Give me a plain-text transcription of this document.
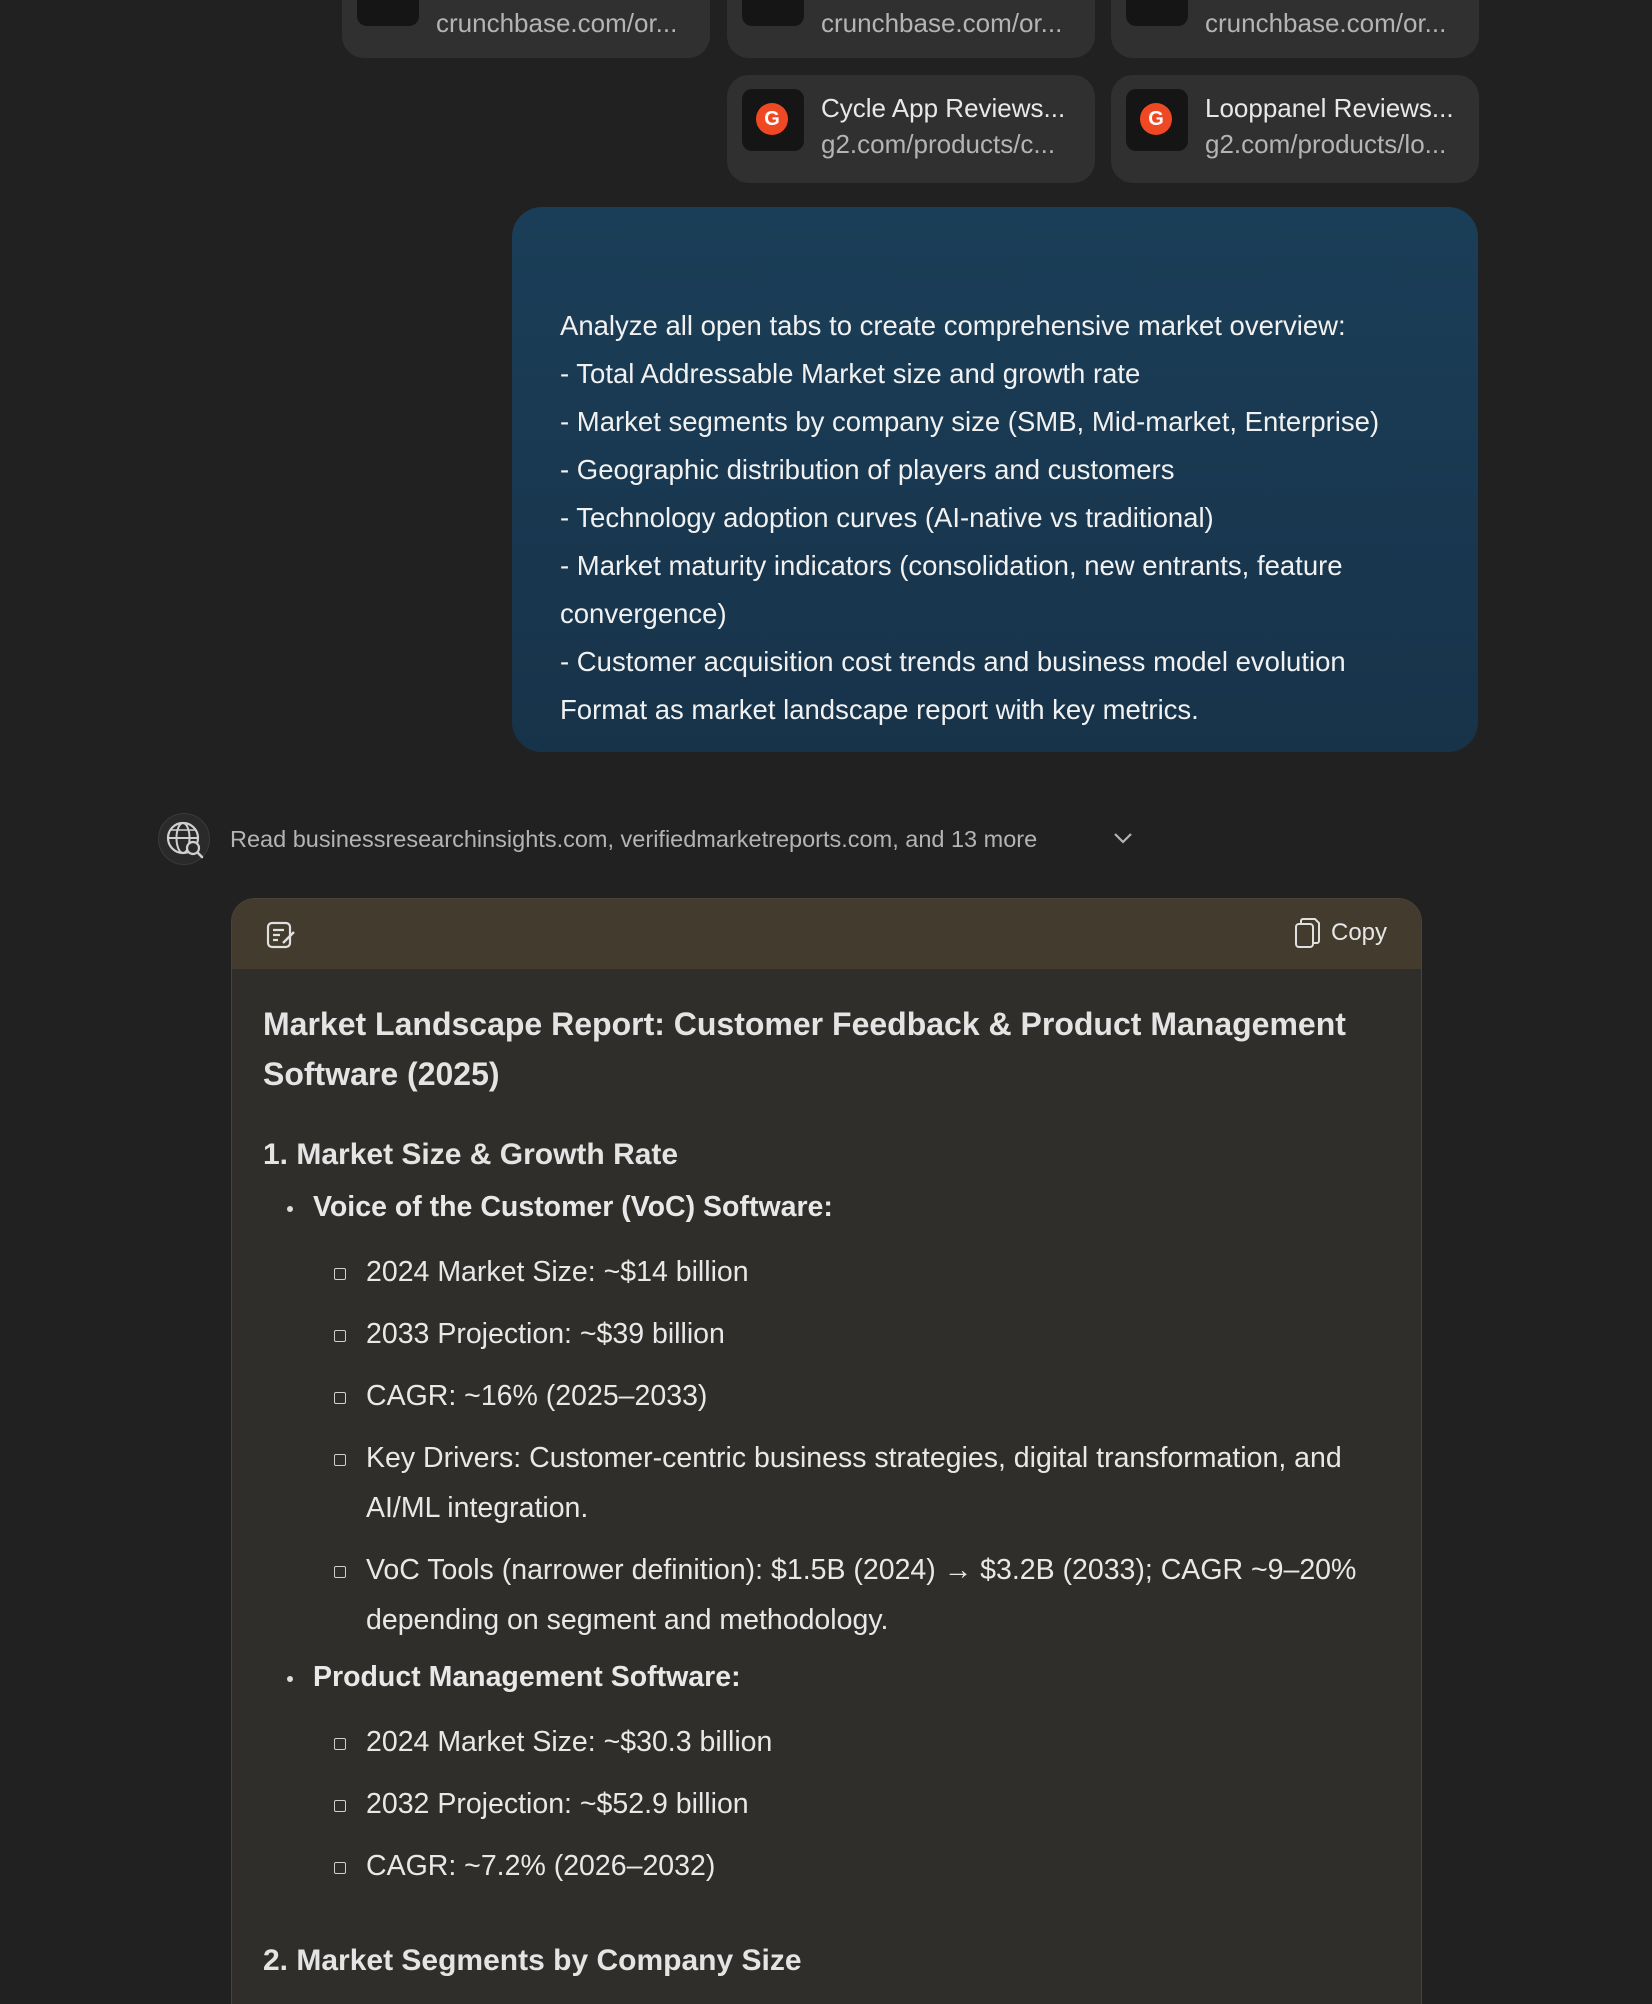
crunchbase.com/or...	crunchbase.com/or...	crunchbase.com/or...
G	Cycle App Reviews...
g2.com/products/c...
G	Looppanel Reviews...
g2.com/products/lo...
Analyze all open tabs to create comprehensive market overview:
- Total Addressable Market size and growth rate
- Market segments by company size (SMB, Mid-market, Enterprise)
- Geographic distribution of players and customers
- Technology adoption curves (AI-native vs traditional)
- Market maturity indicators (consolidation, new entrants, feature
convergence)
- Customer acquisition cost trends and business model evolution
Format as market landscape report with key metrics.
Read businessresearchinsights.com, verifiedmarketreports.com, and 13 more
Copy
Market Landscape Report: Customer Feedback & Product Management Software (2025)
1. Market Size & Growth Rate
Voice of the Customer (VoC) Software:
2024 Market Size: ~$14 billion
2033 Projection: ~$39 billion
CAGR: ~16% (2025–2033)
Key Drivers: Customer-centric business strategies, digital transformation, and AI/ML integration.
VoC Tools (narrower definition): $1.5B (2024) → $3.2B (2033); CAGR ~9–20% depending on segment and methodology.
Product Management Software:
2024 Market Size: ~$30.3 billion
2032 Projection: ~$52.9 billion
CAGR: ~7.2% (2026–2032)
2. Market Segments by Company Size
